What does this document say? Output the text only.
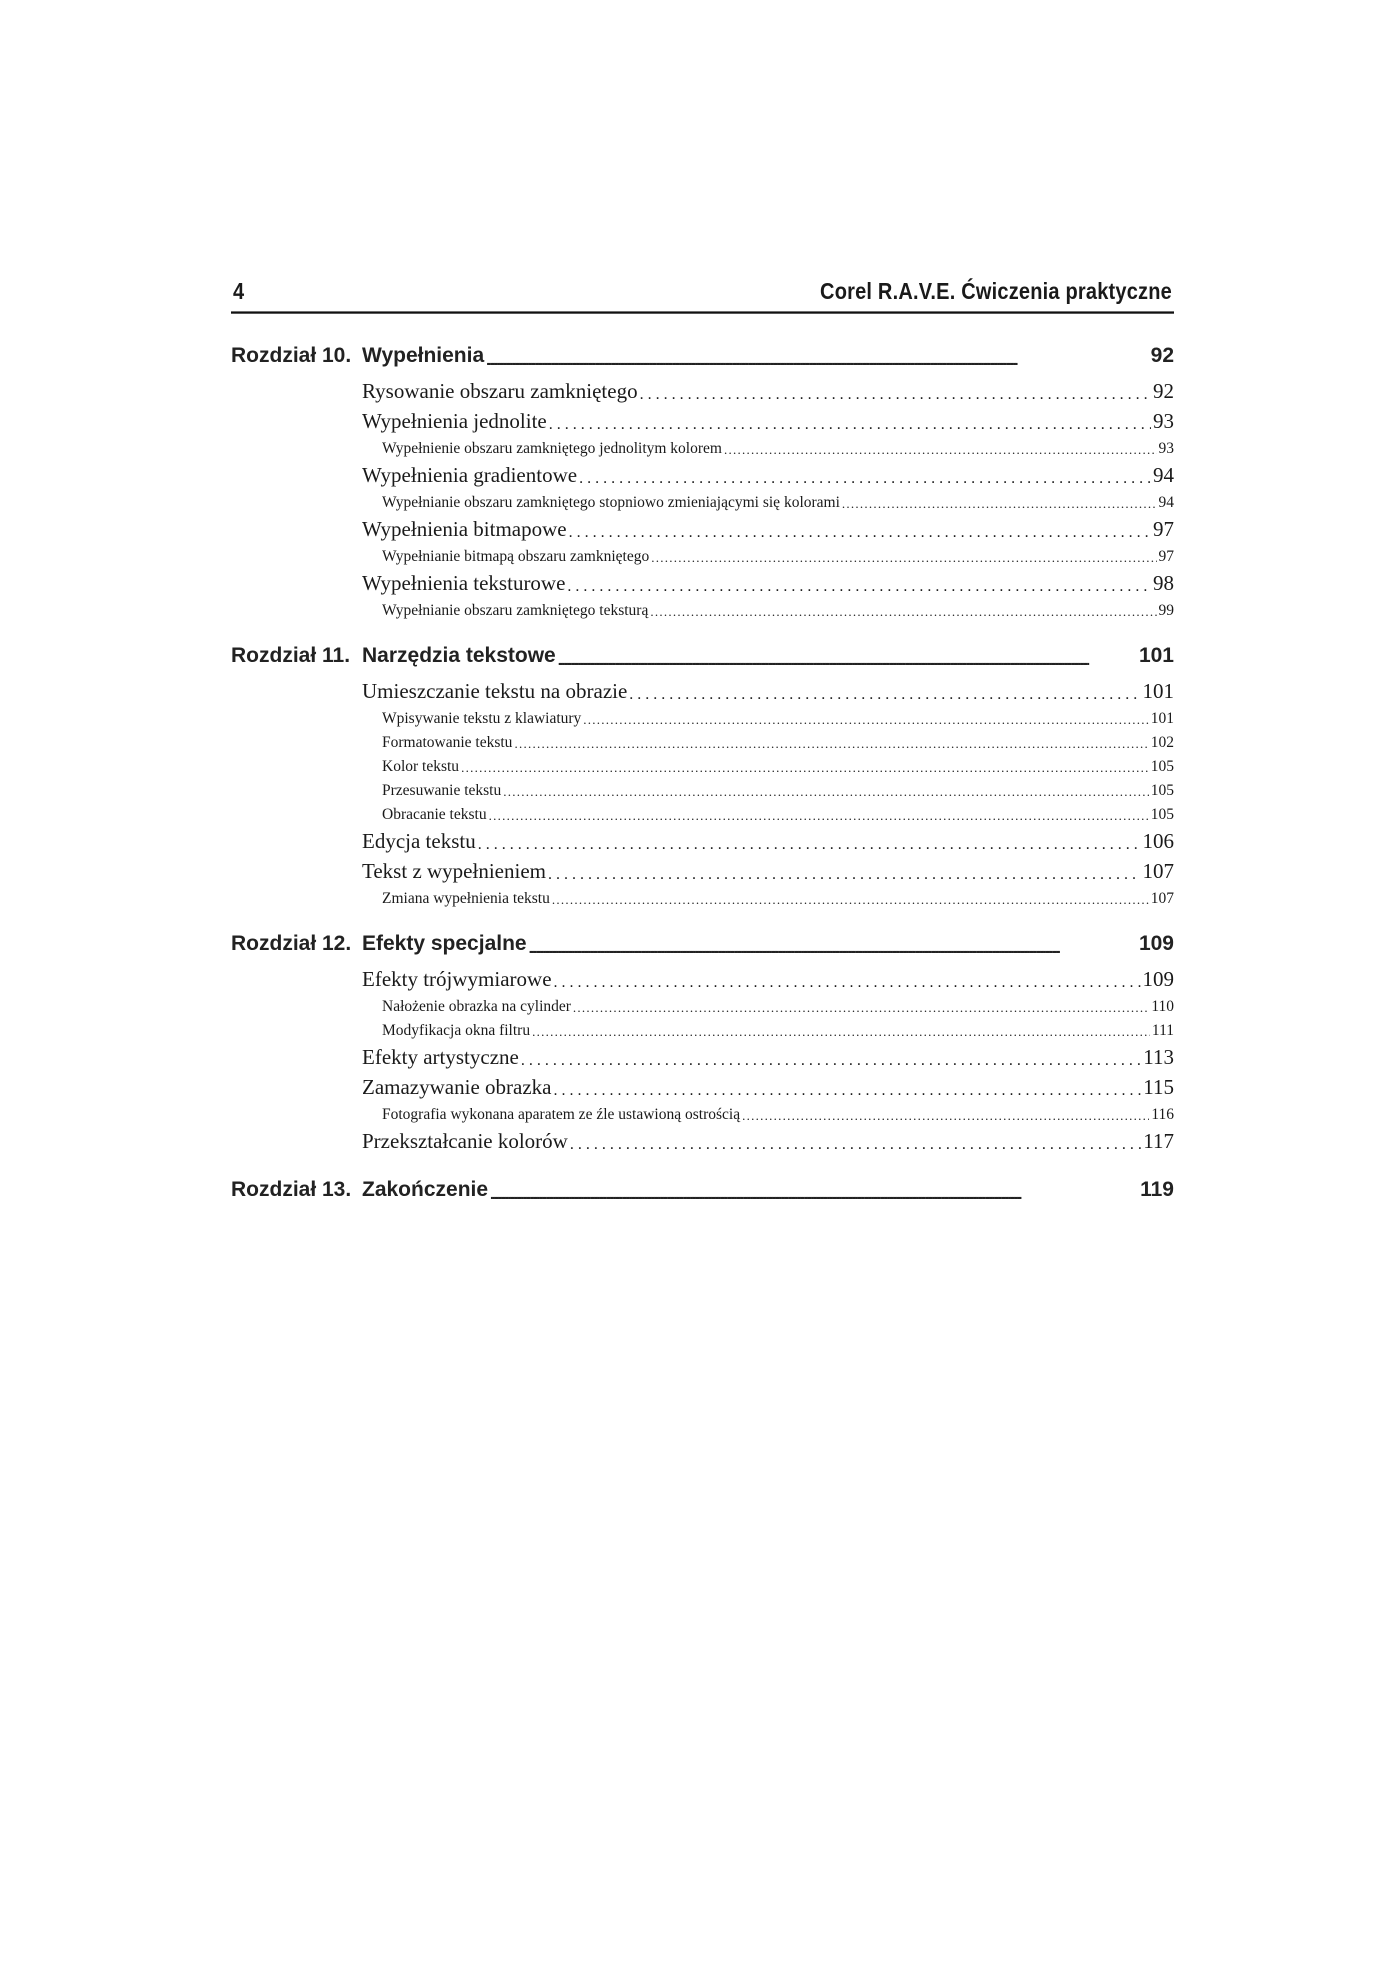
4	Corel R.A.V.E. Ćwiczenia praktyczne
Rozdział 10. Wypełnienia . . .	92
Rysowanie obszaru zamkniętego . . .	92
Wypełnienia jednolite . . .	93
Wypełnienie obszaru zamkniętego jednolitym kolorem . . .	93
Wypełnienia gradientowe . . .	94
Wypełnianie obszaru zamkniętego stopniowo zmieniającymi się kolorami . . .	94
Wypełnienia bitmapowe . . .	97
Wypełnianie bitmapą obszaru zamkniętego . . .	97
Wypełnienia teksturowe . . .	98
Wypełnianie obszaru zamkniętego teksturą . . .	99
Rozdział 11. Narzędzia tekstowe . . .	101
Umieszczanie tekstu na obrazie . . .	101
Wpisywanie tekstu z klawiatury . . .	101
Formatowanie tekstu . . .	102
Kolor tekstu . . .	105
Przesuwanie tekstu . . .	105
Obracanie tekstu . . .	105
Edycja tekstu . . .	106
Tekst z wypełnieniem . . .	107
Zmiana wypełnienia tekstu . . .	107
Rozdział 12. Efekty specjalne . . .	109
Efekty trójwymiarowe . . .	109
Nałożenie obrazka na cylinder . . .	110
Modyfikacja okna filtru . . .	111
Efekty artystyczne . . .	113
Zamazywanie obrazka . . .	115
Fotografia wykonana aparatem ze źle ustawioną ostrością . . .	116
Przekształcanie kolorów . . .	117
Rozdział 13. Zakończenie . . .	119
